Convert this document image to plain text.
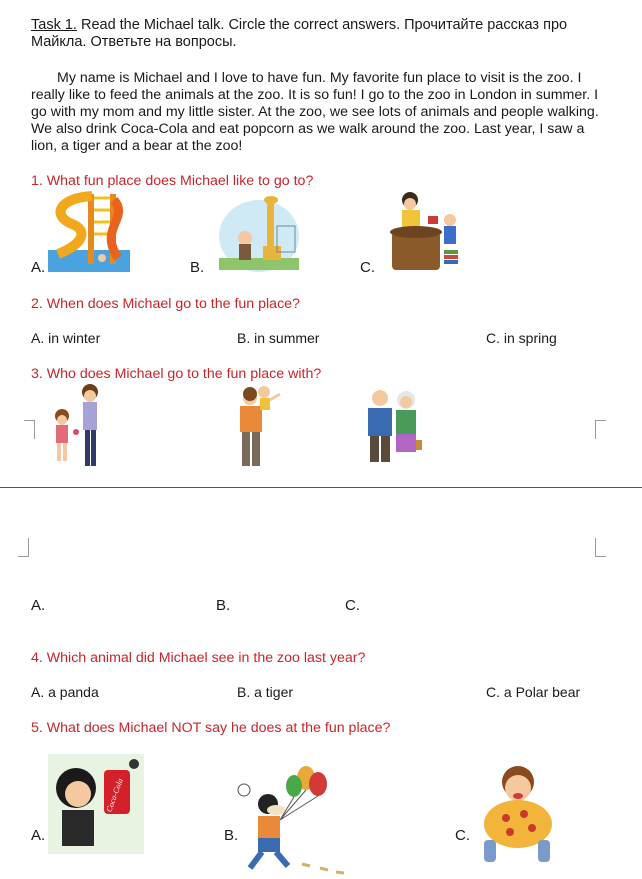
Task 1. Read the Michael talk. Circle the correct answers. Прочитайте рассказ про Майкла. Ответьте на вопросы.
My name is Michael and I love to have fun. My favorite fun place to visit is the zoo. I really like to feed the animals at the zoo. It is so fun! I go to the zoo in London in summer. I go with my mom and my little sister. At the zoo, we see lots of animals and people walking. We also drink Coca-Cola and eat popcorn as we walk around the zoo. Last year, I saw a lion, a tiger and a bear at the zoo!
1. What fun place does Michael like to go to?
A.	B.	C.
2. When does Michael go to the fun place?
A. in winter	B. in summer	C. in spring
3. Who does Michael go to the fun place with?
A.	B.	C.
4. Which animal did Michael see in the zoo last year?
A. a panda	B. a tiger	C. a Polar bear
5. What does Michael NOT say he does at the fun place?
Coca-Cola
A.	B.	C.
